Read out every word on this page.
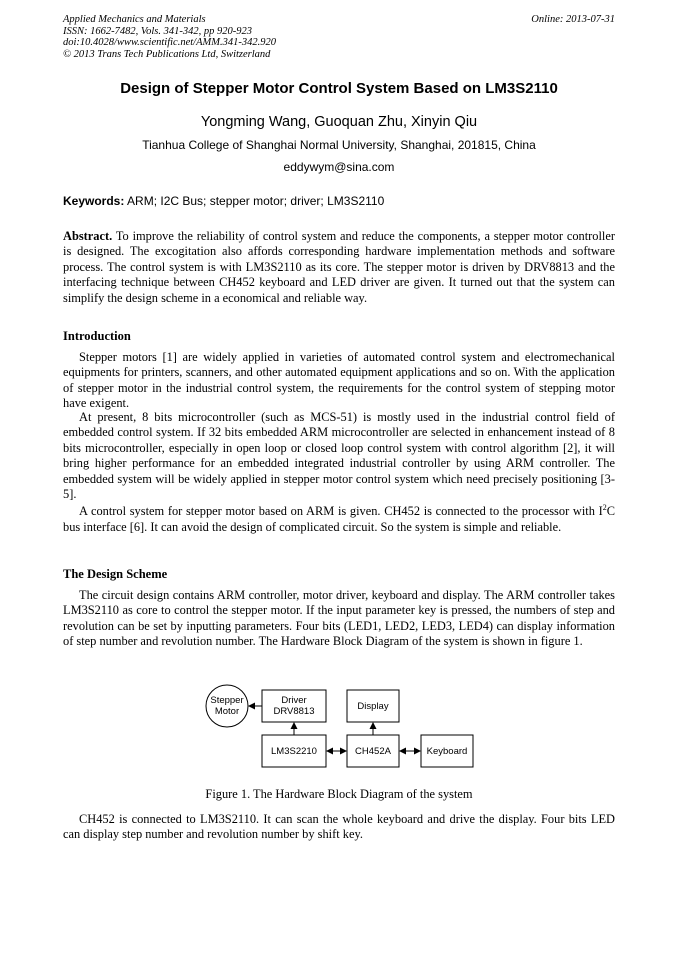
Applied Mechanics and Materials
ISSN: 1662-7482, Vols. 341-342, pp 920-923
doi:10.4028/www.scientific.net/AMM.341-342.920
© 2013 Trans Tech Publications Ltd, Switzerland
Online: 2013-07-31
Design of Stepper Motor Control System Based on LM3S2110
Yongming Wang, Guoquan Zhu, Xinyin Qiu
Tianhua College of Shanghai Normal University, Shanghai, 201815, China
eddywym@sina.com
Keywords: ARM; I2C Bus; stepper motor; driver; LM3S2110
Abstract. To improve the reliability of control system and reduce the components, a stepper motor controller is designed. The excogitation also affords corresponding hardware implementation methods and software process. The control system is with LM3S2110 as its core. The stepper motor is driven by DRV8813 and the interfacing technique between CH452 keyboard and LED driver are given. It turned out that the system can simplify the design scheme in a economical and reliable way.
Introduction

Stepper motors [1] are widely applied in varieties of automated control system and electromechanical equipments for printers, scanners, and other automated equipment applications and so on. With the application of stepper motor in the industrial control system, the requirements for the control system of stepping motor have exigent.

At present, 8 bits microcontroller (such as MCS-51) is mostly used in the industrial control field of embedded control system. If 32 bits embedded ARM microcontroller are selected in enhancement instead of 8 bits microcontroller, especially in open loop or closed loop control system with control algorithm [2], it will bring higher performance for an embedded integrated industrial controller by using ARM controller. The embedded system will be widely applied in stepper motor control system which need precisely positioning [3-5].

A control system for stepper motor based on ARM is given. CH452 is connected to the processor with $I^2C$ bus interface [6]. It can avoid the design of complicated circuit. So the system is simple and reliable.

The Design Scheme

The circuit design contains ARM controller, motor driver, keyboard and display. The ARM controller takes LM3S2110 as core to control the stepper motor. If the input parameter key is pressed, the numbers of step and revolution can be set by inputting parameters. Four bits (LED1, LED2, LED3, LED4) can display information of step number and revolution number. The Hardware Block Diagram of the system is shown in figure 1.

Stepper
Motor
Driver
DRV8813	Display
LM3S2210	CH452A	Keyboard
Figure 1. The Hardware Block Diagram of the system

CH452 is connected to LM3S2110. It can scan the whole keyboard and drive the display. Four bits LED can display step number and revolution number by shift key.
